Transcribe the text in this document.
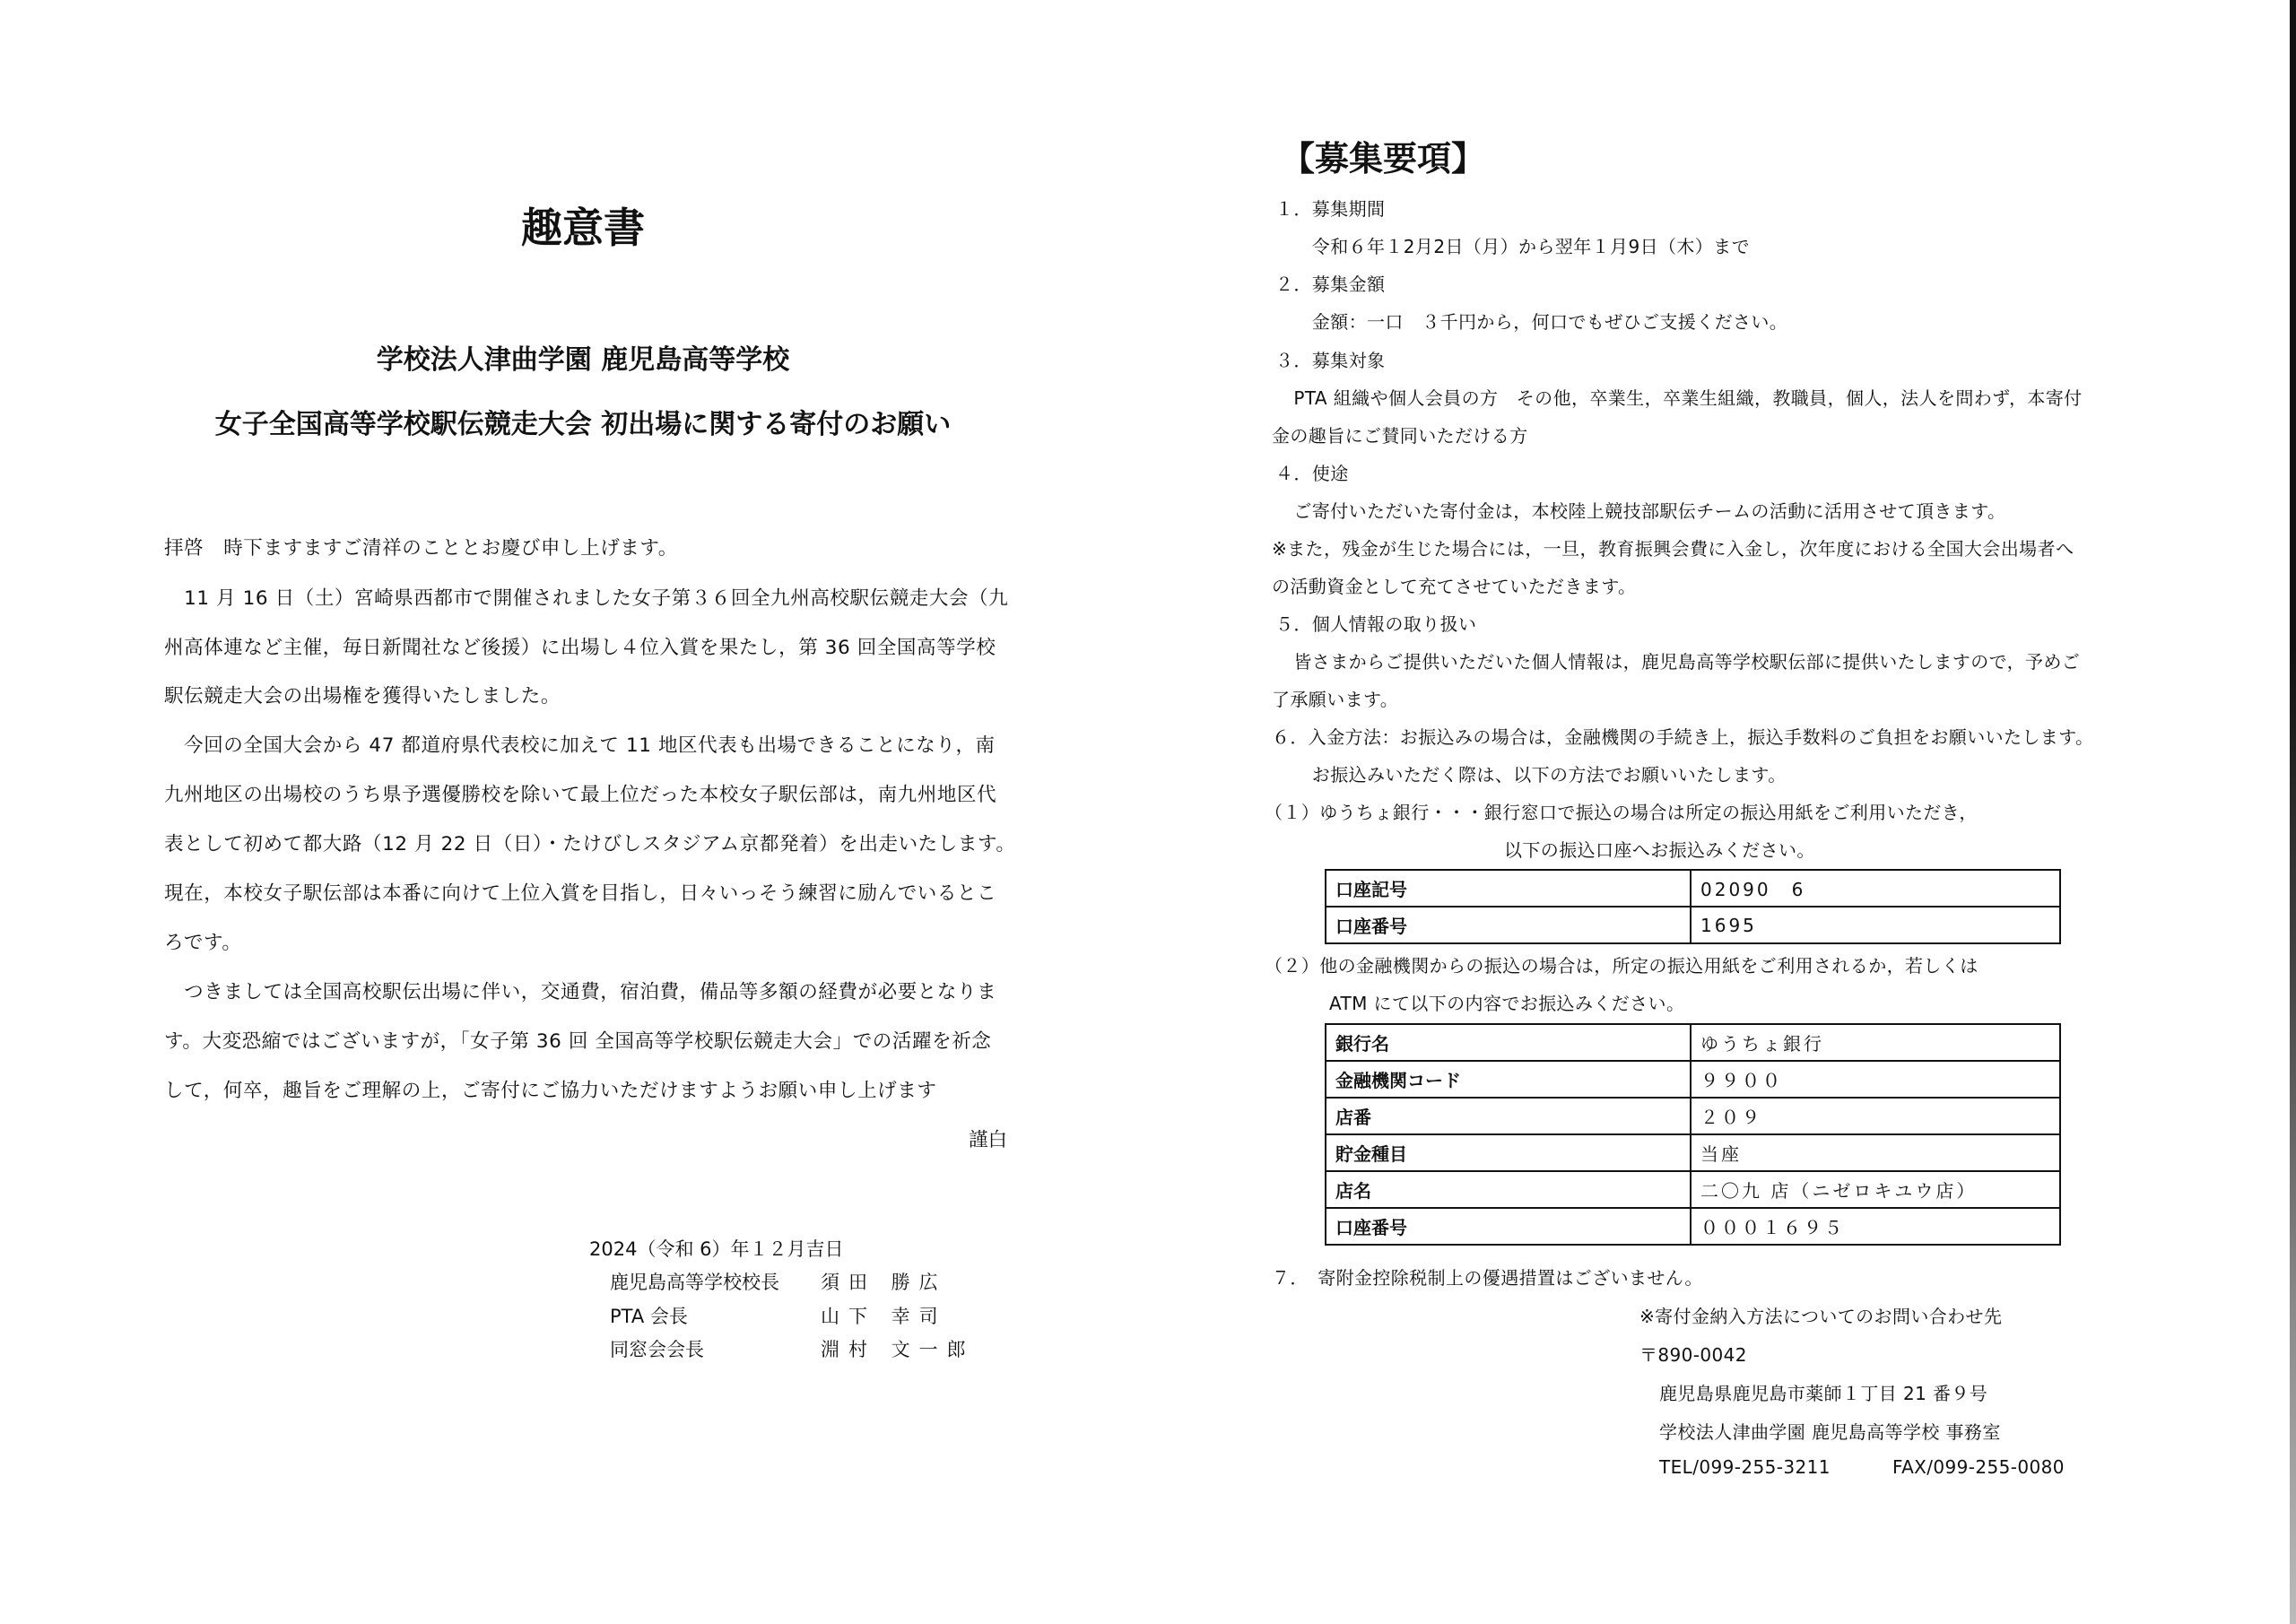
趣意書
学校法人津曲学園 鹿児島高等学校
女子全国高等学校駅伝競走大会 初出場に関する寄付のお願い
拝啓　時下ますますご清祥のこととお慶び申し上げます。
　11 月 16 日（土）宮崎県西都市で開催されました女子第３６回全九州高校駅伝競走大会（九
州高体連など主催，毎日新聞社など後援）に出場し４位入賞を果たし，第 36 回全国高等学校
駅伝競走大会の出場権を獲得いたしました。
　今回の全国大会から 47 都道府県代表校に加えて 11 地区代表も出場できることになり，南
九州地区の出場校のうち県予選優勝校を除いて最上位だった本校女子駅伝部は，南九州地区代
表として初めて都大路（12 月 22 日（日）・たけびしスタジアム京都発着）を出走いたします。
現在，本校女子駅伝部は本番に向けて上位入賞を目指し，日々いっそう練習に励んでいるとこ
ろです。
　つきましては全国高校駅伝出場に伴い，交通費，宿泊費，備品等多額の経費が必要となりま
す。大変恐縮ではございますが，「女子第 36 回 全国高等学校駅伝競走大会」での活躍を祈念
して，何卒，趣旨をご理解の上，ご寄付にご協力いただけますようお願い申し上げます
謹白
2024（令和 6）年１２月吉日
鹿児島高等学校校長 須田 勝広
PTA 会長	山下 幸司
同窓会会長	淵村 文一郎
【募集要項】
１．募集期間
　　令和６年１2月2日（月）から翌年１月9日（木）まで
２．募集金額
　　金額：一口　３千円から，何口でもぜひご支援ください。
３．募集対象
　PTA 組織や個人会員の方　その他，卒業生，卒業生組織，教職員，個人，法人を問わず，本寄付
金の趣旨にご賛同いただける方
４．使途
　ご寄付いただいた寄付金は，本校陸上競技部駅伝チームの活動に活用させて頂きます。
※また，残金が生じた場合には，一旦，教育振興会費に入金し，次年度における全国大会出場者へ
の活動資金として充てさせていただきます。
５．個人情報の取り扱い
　皆さまからご提供いただいた個人情報は，鹿児島高等学校駅伝部に提供いたしますので，予めご
了承願います。
６．入金方法：お振込みの場合は，金融機関の手続き上，振込手数料のご負担をお願いいたします。
　　お振込みいただく際は、以下の方法でお願いいたします。
（１）ゆうちょ銀行・・・銀行窓口で振込の場合は所定の振込用紙をご利用いただき，
以下の振込口座へお振込みください。
口座記号	02090　6
口座番号	1695
（２）他の金融機関からの振込の場合は，所定の振込用紙をご利用されるか，若しくは
ATM にて以下の内容でお振込みください。
銀行名	ゆうちょ銀行
金融機関コード	９９００
店番	２０９
貯金種目	当座
店名	二〇九 店（ニゼロキユウ店）
口座番号	０００１６９５
７．　寄附金控除税制上の優遇措置はございません。
※寄付金納入方法についてのお問い合わせ先
〒890-0042
鹿児島県鹿児島市薬師１丁目 21 番９号
学校法人津曲学園 鹿児島高等学校 事務室
TEL/099-255-3211	FAX/099-255-0080
